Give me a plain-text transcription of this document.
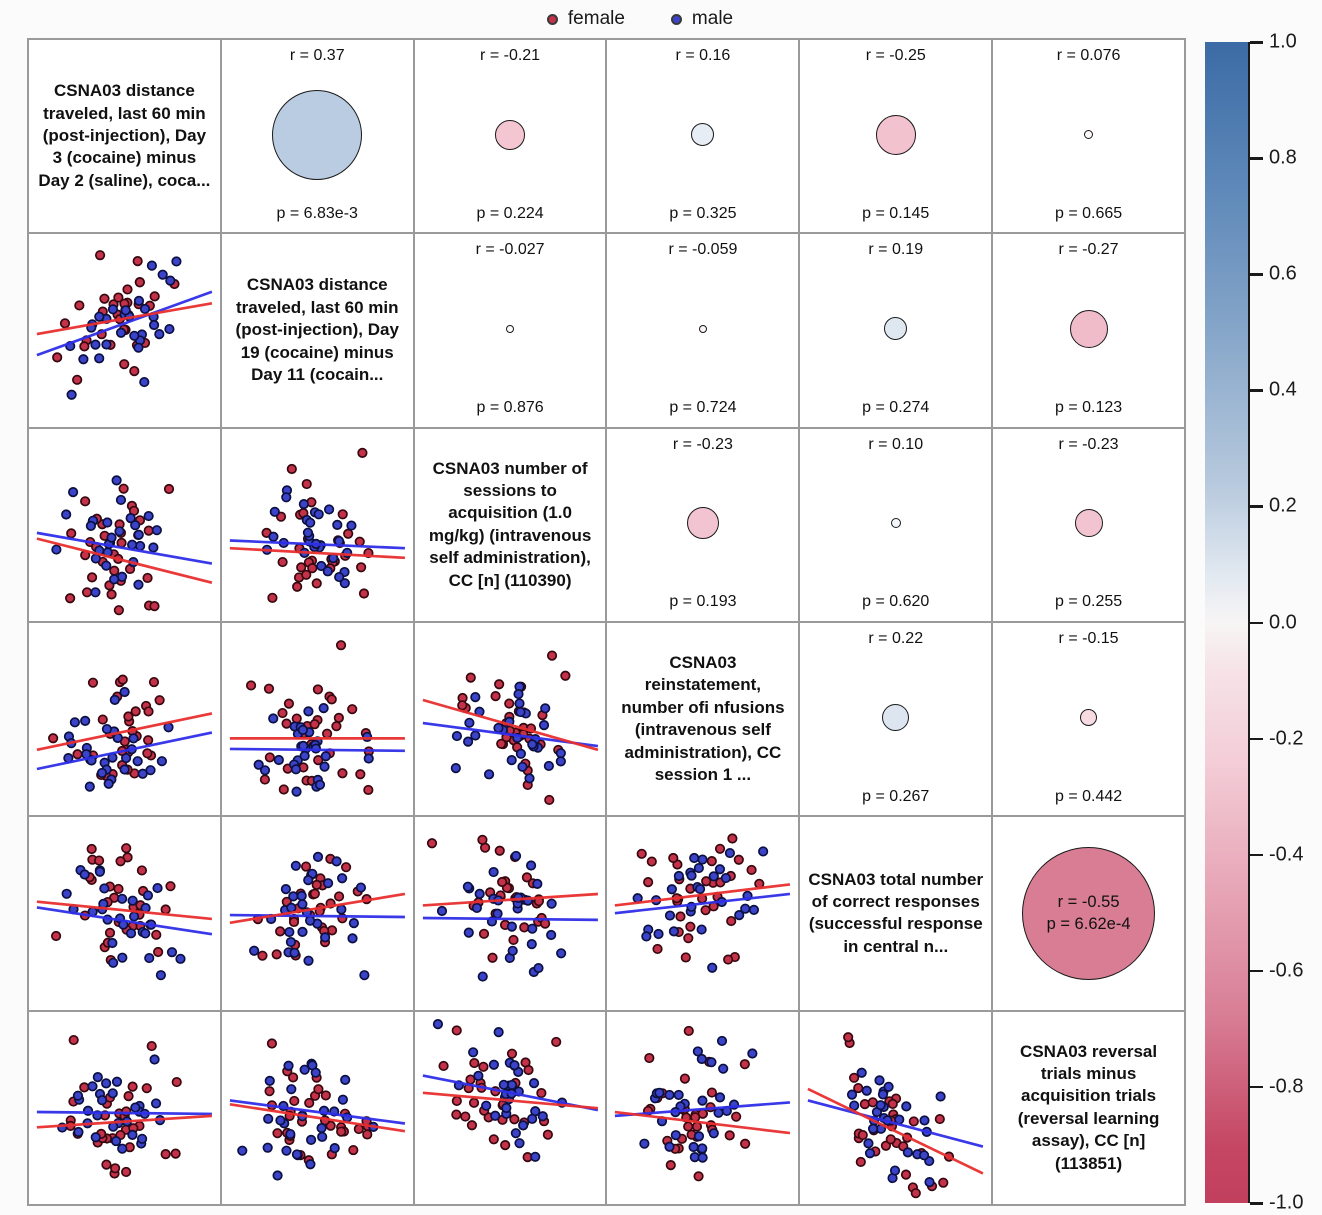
female	male
CSNA03 distance traveled, last 60 min (post-injection), Day 3 (cocaine) minus Day 2 (saline), coca...
r = 0.37
p = 6.83e-3
r = -0.21
p = 0.224
r = 0.16
p = 0.325
r = -0.25
p = 0.145
r = 0.076
p = 0.665
CSNA03 distance traveled, last 60 min (post-injection), Day 19 (cocaine) minus Day 11 (cocain...
r = -0.027
p = 0.876
r = -0.059
p = 0.724
r = 0.19
p = 0.274
r = -0.27
p = 0.123
CSNA03 number of sessions to acquisition (1.0 mg/kg) (intravenous self administration), CC [n] (110390)
r = -0.23
p = 0.193
r = 0.10
p = 0.620
r = -0.23
p = 0.255
CSNA03 reinstatement, number ofi nfusions (intravenous self administration), CC session 1 ...
r = 0.22
p = 0.267
r = -0.15
p = 0.442
CSNA03 total number of correct responses (successful response in central n...
r = -0.55
p = 6.62e-4
CSNA03 reversal trials minus acquisition trials (reversal learning assay), CC [n] (113851)
1.0
0.8
0.6
0.4
0.2
0.0
-0.2
-0.4
-0.6
-0.8
-1.0
